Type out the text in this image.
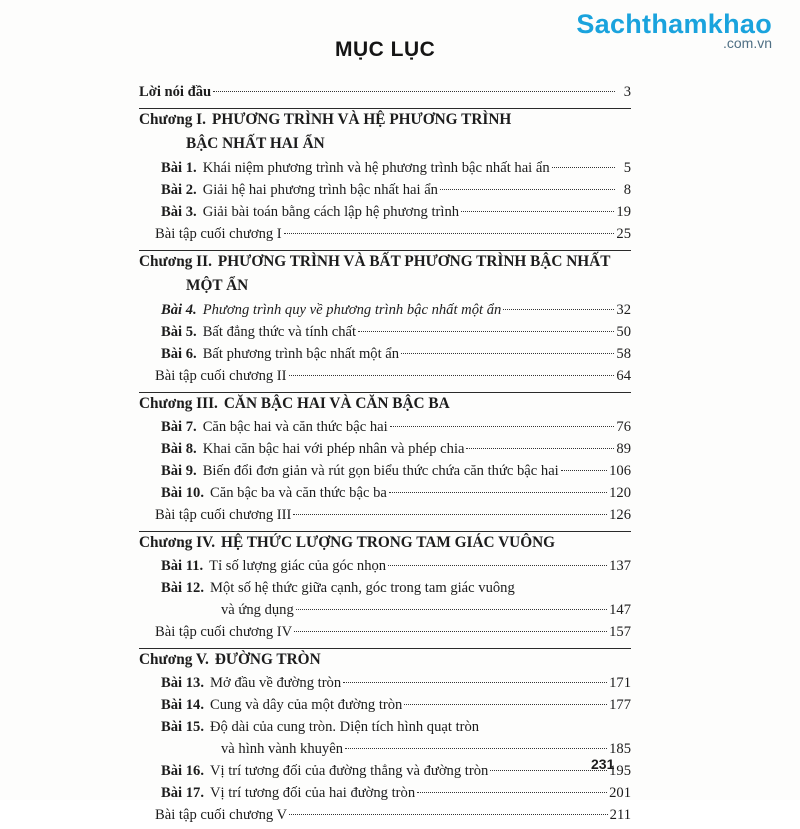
Sachthamkhao
.com.vn
MỤC LỤC
Lời nói đầu	3
Chương I. PHƯƠNG TRÌNH VÀ HỆ PHƯƠNG TRÌNH
BẬC NHẤT HAI ẨN
Bài 1. Khái niệm phương trình và hệ phương trình bậc nhất hai ẩn	5
Bài 2. Giải hệ hai phương trình bậc nhất hai ẩn	8
Bài 3. Giải bài toán bằng cách lập hệ phương trình	19
Bài tập cuối chương I	25
Chương II. PHƯƠNG TRÌNH VÀ BẤT PHƯƠNG TRÌNH BẬC NHẤT
MỘT ẨN
Bài 4. Phương trình quy về phương trình bậc nhất một ẩn	32
Bài 5. Bất đẳng thức và tính chất	50
Bài 6. Bất phương trình bậc nhất một ẩn	58
Bài tập cuối chương II	64
Chương III. CĂN BẬC HAI VÀ CĂN BẬC BA
Bài 7. Căn bậc hai và căn thức bậc hai	76
Bài 8. Khai căn bậc hai với phép nhân và phép chia	89
Bài 9. Biến đổi đơn giản và rút gọn biểu thức chứa căn thức bậc hai	106
Bài 10. Căn bậc ba và căn thức bậc ba	120
Bài tập cuối chương III	126
Chương IV. HỆ THỨC LƯỢNG TRONG TAM GIÁC VUÔNG
Bài 11. Tỉ số lượng giác của góc nhọn	137
Bài 12. Một số hệ thức giữa cạnh, góc trong tam giác vuông
và ứng dụng	147
Bài tập cuối chương IV	157
Chương V. ĐƯỜNG TRÒN
Bài 13. Mở đầu về đường tròn	171
Bài 14. Cung và dây của một đường tròn	177
Bài 15. Độ dài của cung tròn. Diện tích hình quạt tròn
và hình vành khuyên	185
Bài 16. Vị trí tương đối của đường thẳng và đường tròn	195
Bài 17. Vị trí tương đối của hai đường tròn	201
Bài tập cuối chương V	211
231
